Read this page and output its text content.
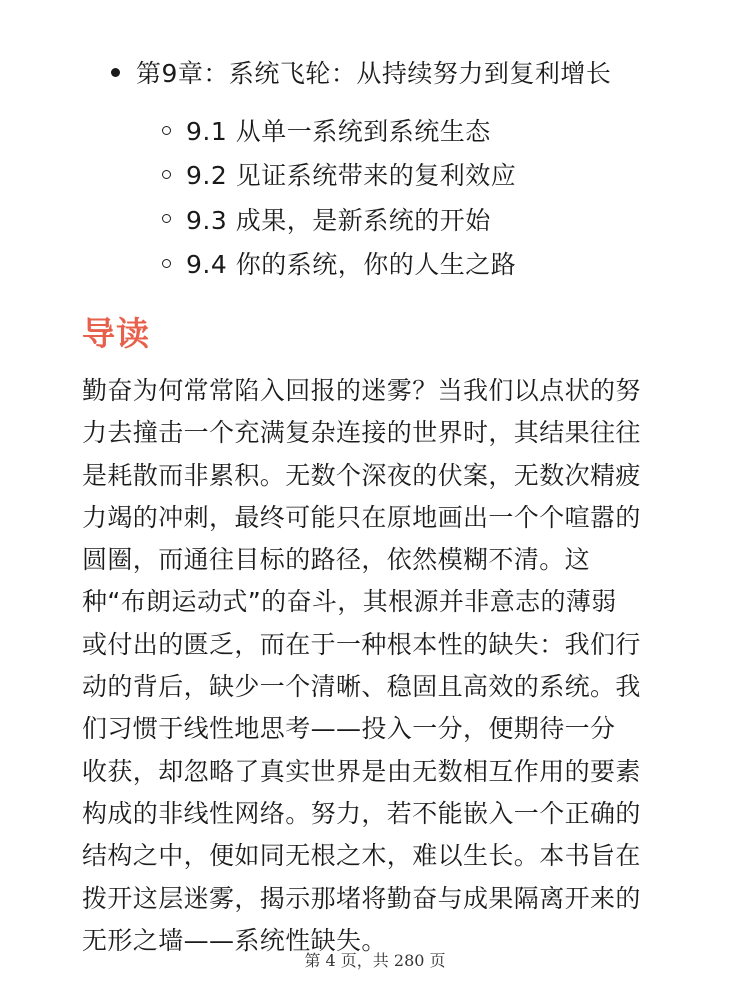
第9章：系统飞轮：从持续努力到复利增长
9.1 从单一系统到系统生态
9.2 见证系统带来的复利效应
9.3 成果，是新系统的开始
9.4 你的系统，你的人生之路
导读
勤奋为何常常陷入回报的迷雾？当我们以点状的努
力去撞击一个充满复杂连接的世界时，其结果往往
是耗散而非累积。无数个深夜的伏案，无数次精疲
力竭的冲刺，最终可能只在原地画出一个个喧嚣的
圆圈，而通往目标的路径，依然模糊不清。这
种“布朗运动式”的奋斗，其根源并非意志的薄弱
或付出的匮乏，而在于一种根本性的缺失：我们行
动的背后，缺少一个清晰、稳固且高效的系统。我
们习惯于线性地思考——投入一分，便期待一分
收获，却忽略了真实世界是由无数相互作用的要素
构成的非线性网络。努力，若不能嵌入一个正确的
结构之中，便如同无根之木，难以生长。本书旨在
拨开这层迷雾，揭示那堵将勤奋与成果隔离开来的
无形之墙——系统性缺失。
第 4 页，共 280 页
